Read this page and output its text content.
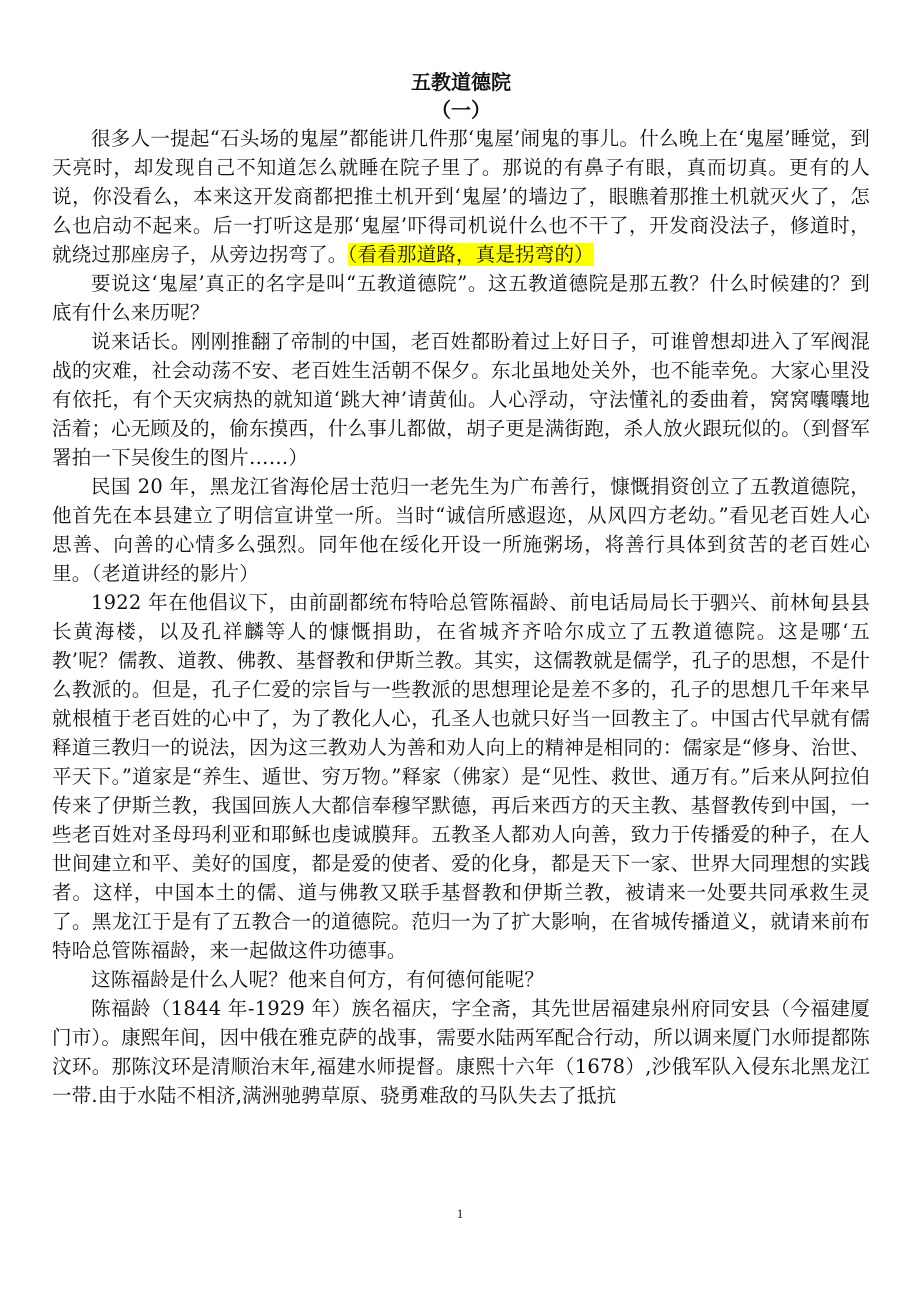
五教道德院
（一）

很多人一提起“石头场的鬼屋”都能讲几件那‘鬼屋’闹鬼的事儿。什么晚上在‘鬼屋’睡觉，到天亮时，却发现自己不知道怎么就睡在院子里了。那说的有鼻子有眼，真而切真。更有的人说，你没看么，本来这开发商都把推土机开到‘鬼屋’的墙边了，眼瞧着那推土机就灭火了，怎么也启动不起来。后一打听这是那‘鬼屋’吓得司机说什么也不干了，开发商没法子，修道时，就绕过那座房子，从旁边拐弯了。（看看那道路，真是拐弯的）

要说这‘鬼屋’真正的名字是叫“五教道德院”。这五教道德院是那五教？什么时候建的？到底有什么来历呢？

说来话长。刚刚推翻了帝制的中国，老百姓都盼着过上好日子，可谁曾想却进入了军阀混战的灾难，社会动荡不安、老百姓生活朝不保夕。东北虽地处关外，也不能幸免。大家心里没有依托，有个天灾病热的就知道‘跳大神’请黄仙。人心浮动，守法懂礼的委曲着，窝窝囔囔地活着；心无顾及的，偷东摸西，什么事儿都做，胡子更是满街跑，杀人放火跟玩似的。（到督军署拍一下吴俊生的图片……）

民国 20 年，黑龙江省海伦居士范归一老先生为广布善行，慷慨捐资创立了五教道德院，他首先在本县建立了明信宣讲堂一所。当时“诚信所感遐迩，从风四方老幼。”看见老百姓人心思善、向善的心情多么强烈。同年他在绥化开设一所施粥场，将善行具体到贫苦的老百姓心里。（老道讲经的影片）

1922 年在他倡议下，由前副都统布特哈总管陈福龄、前电话局局长于驷兴、前林甸县县长黄海楼，以及孔祥麟等人的慷慨捐助，在省城齐齐哈尔成立了五教道德院。这是哪‘五教’呢？儒教、道教、佛教、基督教和伊斯兰教。其实，这儒教就是儒学，孔子的思想，不是什么教派的。但是，孔子仁爱的宗旨与一些教派的思想理论是差不多的，孔子的思想几千年来早就根植于老百姓的心中了，为了教化人心，孔圣人也就只好当一回教主了。中国古代早就有儒释道三教归一的说法，因为这三教劝人为善和劝人向上的精神是相同的：儒家是“修身、治世、平天下。”道家是“养生、遁世、穷万物。”释家（佛家）是“见性、救世、通万有。”后来从阿拉伯传来了伊斯兰教，我国回族人大都信奉穆罕默德，再后来西方的天主教、基督教传到中国，一些老百姓对圣母玛利亚和耶稣也虔诚膜拜。五教圣人都劝人向善，致力于传播爱的种子，在人世间建立和平、美好的国度，都是爱的使者、爱的化身，都是天下一家、世界大同理想的实践者。这样，中国本土的儒、道与佛教又联手基督教和伊斯兰教，被请来一处要共同承救生灵了。黑龙江于是有了五教合一的道德院。范归一为了扩大影响，在省城传播道义，就请来前布特哈总管陈福龄，来一起做这件功德事。

这陈福龄是什么人呢？他来自何方，有何德何能呢？

陈福龄（1844 年-1929 年）族名福庆，字全斋，其先世居福建泉州府同安县（今福建厦门市）。康熙年间，因中俄在雅克萨的战事，需要水陆两军配合行动，所以调来厦门水师提都陈汶环。那陈汶环是清顺治末年,福建水师提督。康熙十六年（1678）,沙俄军队入侵东北黑龙江一带.由于水陆不相济,满洲驰骋草原、骁勇难敌的马队失去了抵抗

1
